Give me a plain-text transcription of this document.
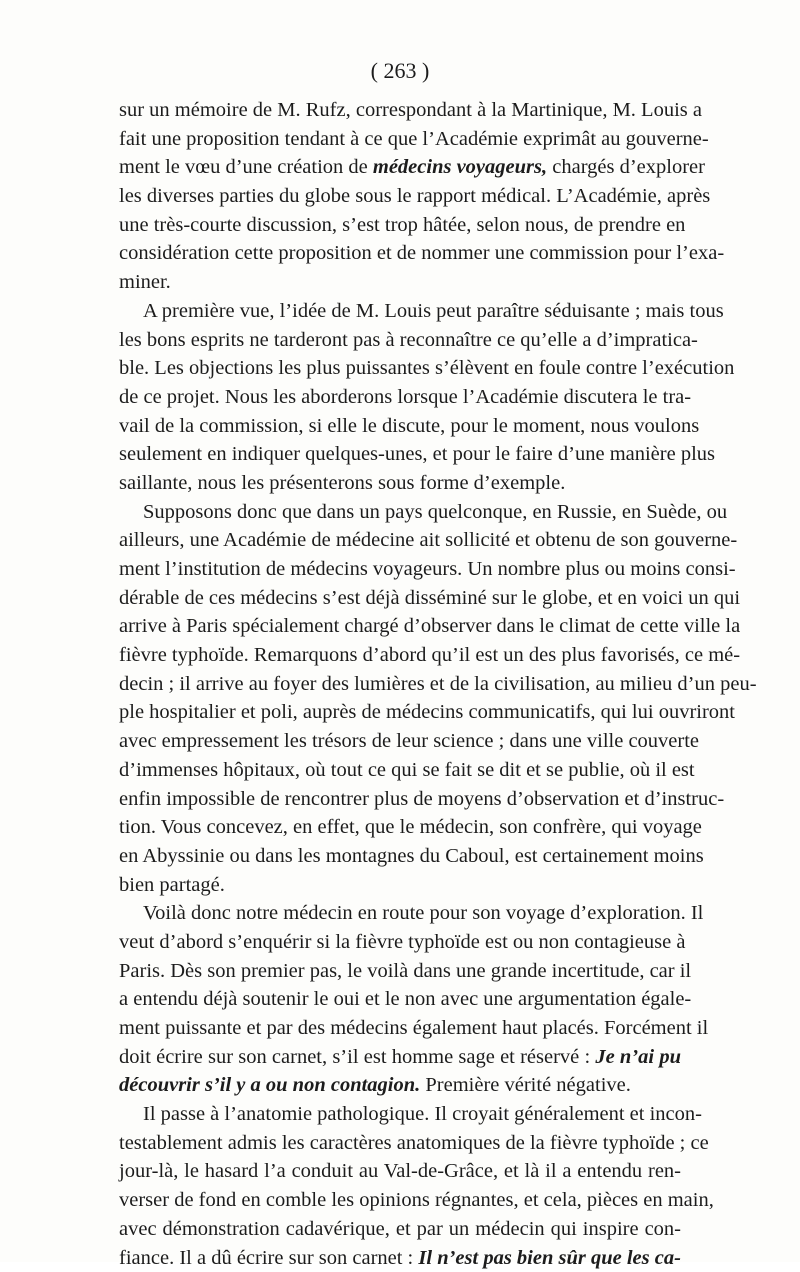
( 263 )
sur un mémoire de M. Rufz, correspondant à la Martinique, M. Louis a
fait une proposition tendant à ce que l’Académie exprimât au gouverne-
ment le vœu d’une création de médecins voyageurs, chargés d’explorer
les diverses parties du globe sous le rapport médical. L’Académie, après
une très-courte discussion, s’est trop hâtée, selon nous, de prendre en
considération cette proposition et de nommer une commission pour l’exa-
miner.
A première vue, l’idée de M. Louis peut paraître séduisante ; mais tous
les bons esprits ne tarderont pas à reconnaître ce qu’elle a d’impratica-
ble. Les objections les plus puissantes s’élèvent en foule contre l’exécution
de ce projet. Nous les aborderons lorsque l’Académie discutera le tra-
vail de la commission, si elle le discute, pour le moment, nous voulons
seulement en indiquer quelques-unes, et pour le faire d’une manière plus
saillante, nous les présenterons sous forme d’exemple.
Supposons donc que dans un pays quelconque, en Russie, en Suède, ou
ailleurs, une Académie de médecine ait sollicité et obtenu de son gouverne-
ment l’institution de médecins voyageurs. Un nombre plus ou moins consi-
dérable de ces médecins s’est déjà disséminé sur le globe, et en voici un qui
arrive à Paris spécialement chargé d’observer dans le climat de cette ville la
fièvre typhoïde. Remarquons d’abord qu’il est un des plus favorisés, ce mé-
decin ; il arrive au foyer des lumières et de la civilisation, au milieu d’un peu-
ple hospitalier et poli, auprès de médecins communicatifs, qui lui ouvriront
avec empressement les trésors de leur science ; dans une ville couverte
d’immenses hôpitaux, où tout ce qui se fait se dit et se publie, où il est
enfin impossible de rencontrer plus de moyens d’observation et d’instruc-
tion. Vous concevez, en effet, que le médecin, son confrère, qui voyage
en Abyssinie ou dans les montagnes du Caboul, est certainement moins
bien partagé.
Voilà donc notre médecin en route pour son voyage d’exploration. Il
veut d’abord s’enquérir si la fièvre typhoïde est ou non contagieuse à
Paris. Dès son premier pas, le voilà dans une grande incertitude, car il
a entendu déjà soutenir le oui et le non avec une argumentation égale-
ment puissante et par des médecins également haut placés. Forcément il
doit écrire sur son carnet, s’il est homme sage et réservé : Je n’ai pu
découvrir s’il y a ou non contagion. Première vérité négative.
Il passe à l’anatomie pathologique. Il croyait généralement et incon-
testablement admis les caractères anatomiques de la fièvre typhoïde ; ce
jour-là, le hasard l’a conduit au Val-de-Grâce, et là il a entendu ren-
verser de fond en comble les opinions régnantes, et cela, pièces en main,
avec démonstration cadavérique, et par un médecin qui inspire con-
fiance. Il a dû écrire sur son carnet : Il n’est pas bien sûr que les ca-
